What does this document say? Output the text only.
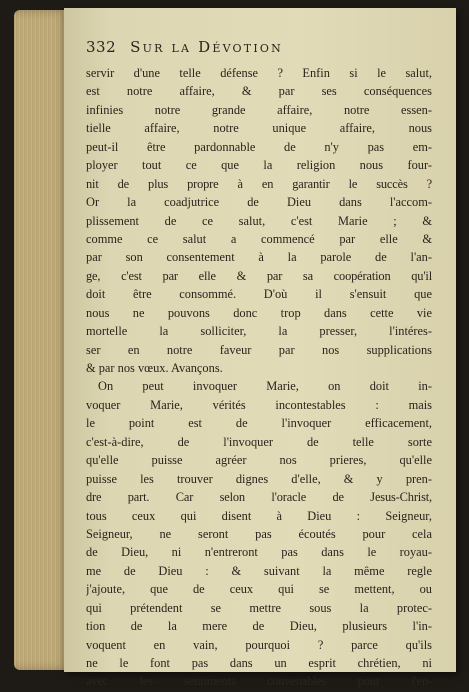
332 Sur la Dévotion
servir d'une telle défense ? Enfin si le salut,
est notre affaire, & par ses conséquences
infinies notre grande affaire, notre essen-
tielle affaire, notre unique affaire, nous
peut-il être pardonnable de n'y pas em-
ployer tout ce que la religion nous four-
nit de plus propre à en garantir le succès ?
Or la coadjutrice de Dieu dans l'accom-
plissement de ce salut, c'est Marie ; &
comme ce salut a commencé par elle &
par son consentement à la parole de l'an-
ge, c'est par elle & par sa coopération qu'il
doit être consommé. D'où il s'ensuit que
nous ne pouvons donc trop dans cette vie
mortelle la solliciter, la presser, l'intéres-
ser en notre faveur par nos supplications
& par nos vœux. Avançons.
On peut invoquer Marie, on doit in-
voquer Marie, vérités incontestables : mais
le point est de l'invoquer efficacement,
c'est-à-dire, de l'invoquer de telle sorte
qu'elle puisse agréer nos prieres, qu'elle
puisse les trouver dignes d'elle, & y pren-
dre part. Car selon l'oracle de Jesus-Christ,
tous ceux qui disent à Dieu : Seigneur,
Seigneur, ne seront pas écoutés pour cela
de Dieu, ni n'entreront pas dans le royau-
me de Dieu : & suivant la même regle
j'ajoute, que de ceux qui se mettent, ou
qui prétendent se mettre sous la protec-
tion de la mere de Dieu, plusieurs l'in-
voquent en vain, pourquoi ? parce qu'ils
ne le font pas dans un esprit chrétien, ni
avec les sentiments convenables pour l'en-
